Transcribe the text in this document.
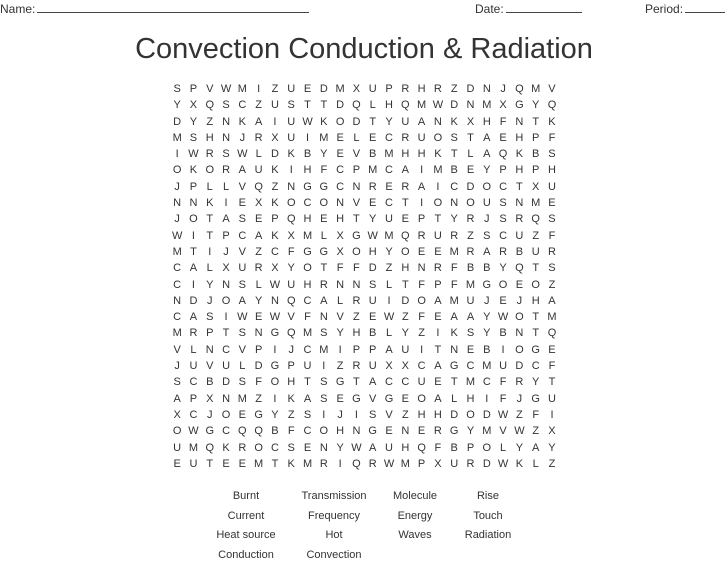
Name:	Date:	Period:
Convection Conduction & Radiation
S P V W M I	Z U E D M X U P R H R Z D N J Q M V
Y X Q S C Z U S T T D Q L H Q M W D N M X G Y Q
D Y Z N K A	I U W K O D T Y U A N K X H F N T K
M S H N J R X U I M E L E C R U O S T A E H P F
I W R S W L D K B Y E V B M H H K T L A Q K B S
O K O R A U K	I H F C P M C A	I M B E Y P H P H
J P L L V Q Z N G G C N R E R A	I C D O C T X U
N N K	I	E X K O C O N V E C T	I O N O U S N M E
J O T A S E P Q H E H T Y U E P T Y R J S R Q S
W I	T P C A K X M L X G W M Q R U R Z S C U Z F
M T	I	J V Z C F G G X O H Y O E E M R A R B U R
C A L X U R X Y O T F F D Z H N R F B B Y Q T S
C I	Y N S L W U H R N N S L T F P F M G O E O Z
N D J O A Y N Q C A L R U I D O A M U J E J H A
C A S	I W E W V F N V Z E W Z F E A A Y W O T M
M R P T S N G Q M S Y H B L Y Z	I	K S Y B N T Q
V L N C V P	I	J C M I	P P A U I	T N E B	I O G E
J U V U L D G P U I	Z R U X X C A G C M U D C F
S C B D S F O H T S G T A C C U E T M C F R Y T
A P X N M Z	I	K A S E G V G E O A L H I	F J G U
X C J O E G Y Z S	I	J	I	S V Z H H D O D W Z F	I
O W G C Q Q B F C O H N G E N E R G Y M V W Z X
U M Q K R O C S E N Y W A U H Q F B P O L Y A Y
E U T E E M T K M R I Q R W M P X U R D W K L Z
Burnt	Transmission	Molecule	Rise
Current	Frequency	Energy	Touch
Heat source	Hot	Waves	Radiation
Conduction	Convection
